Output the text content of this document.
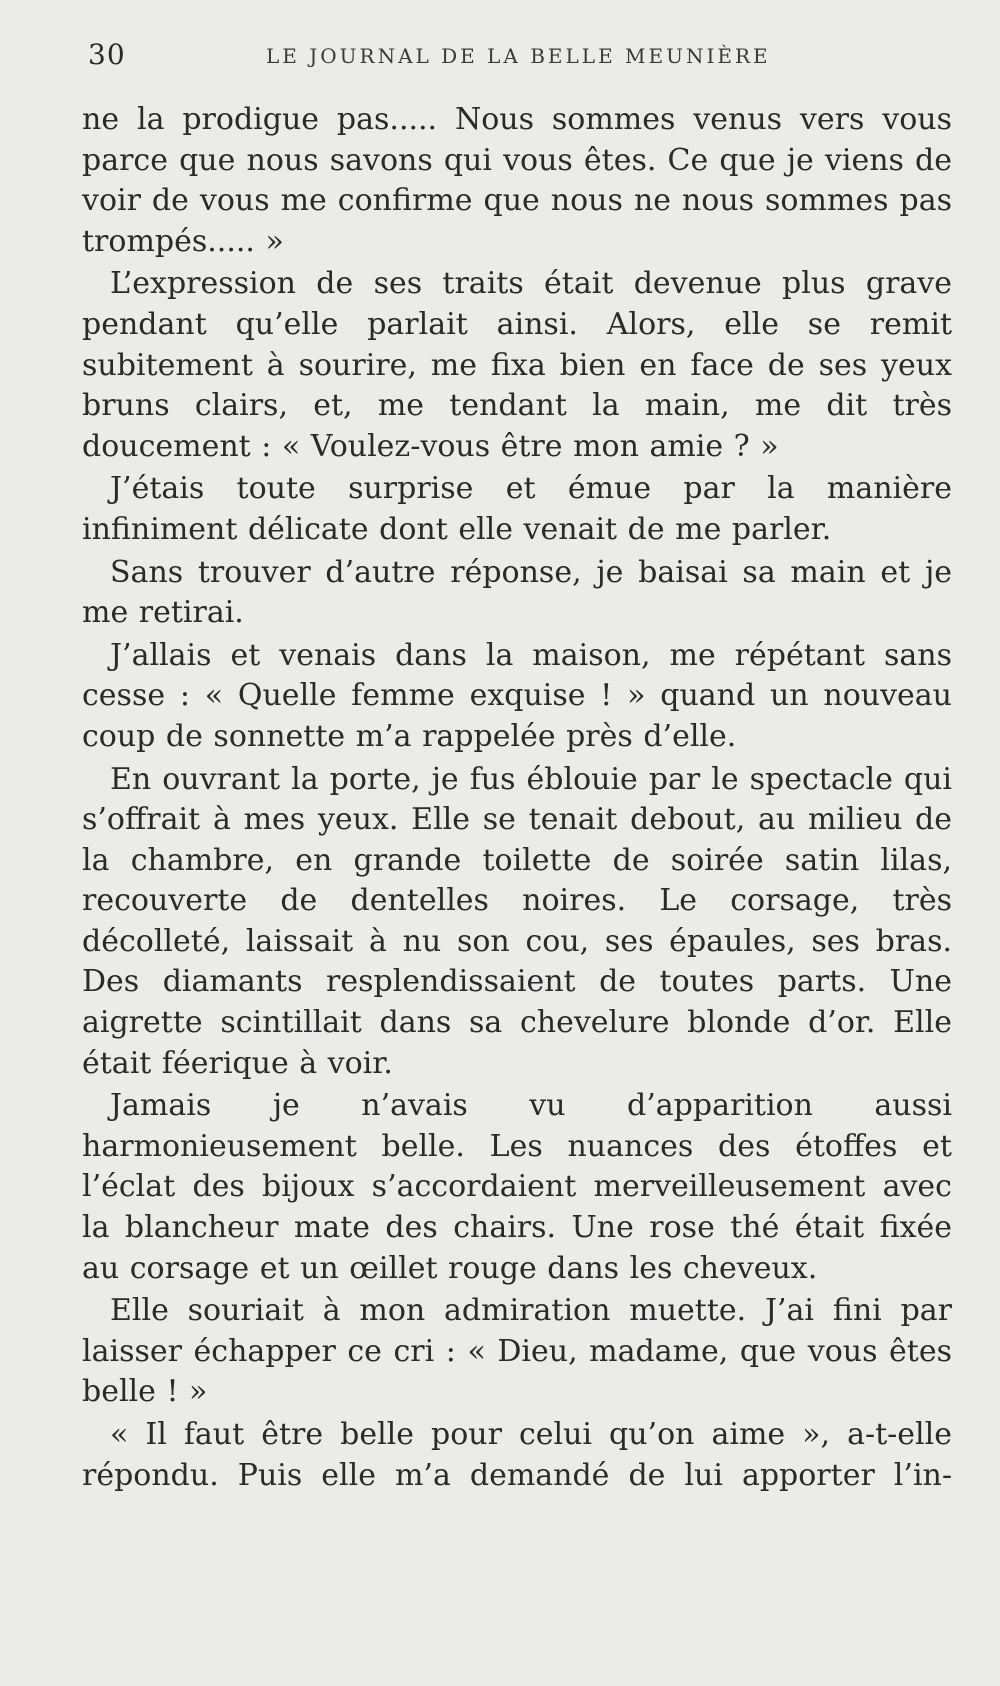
30	LE JOURNAL DE LA BELLE MEUNIÈRE

ne la prodigue pas..... Nous sommes venus vers vous parce que nous savons qui vous êtes. Ce que je viens de voir de vous me confirme que nous ne nous sommes pas trompés..... »

L’expression de ses traits était devenue plus grave pendant qu’elle parlait ainsi. Alors, elle se remit subitement à sourire, me fixa bien en face de ses yeux bruns clairs, et, me tendant la main, me dit très doucement : « Voulez-vous être mon amie ? »

J’étais toute surprise et émue par la manière infiniment délicate dont elle venait de me parler.

Sans trouver d’autre réponse, je baisai sa main et je me retirai.

J’allais et venais dans la maison, me répétant sans cesse : « Quelle femme exquise ! » quand un nouveau coup de sonnette m’a rappelée près d’elle.

En ouvrant la porte, je fus éblouie par le spectacle qui s’offrait à mes yeux. Elle se tenait debout, au milieu de la chambre, en grande toilette de soirée satin lilas, recouverte de dentelles noires. Le corsage, très décolleté, laissait à nu son cou, ses épaules, ses bras. Des diamants resplendissaient de toutes parts. Une aigrette scintillait dans sa chevelure blonde d’or. Elle était féerique à voir.

Jamais je n’avais vu d’apparition aussi harmonieusement belle. Les nuances des étoffes et l’éclat des bijoux s’accordaient merveilleusement avec la blancheur mate des chairs. Une rose thé était fixée au corsage et un œillet rouge dans les cheveux.

Elle souriait à mon admiration muette. J’ai fini par laisser échapper ce cri : « Dieu, madame, que vous êtes belle ! »

« Il faut être belle pour celui qu’on aime », a-t-elle répondu. Puis elle m’a demandé de lui apporter l’in-
